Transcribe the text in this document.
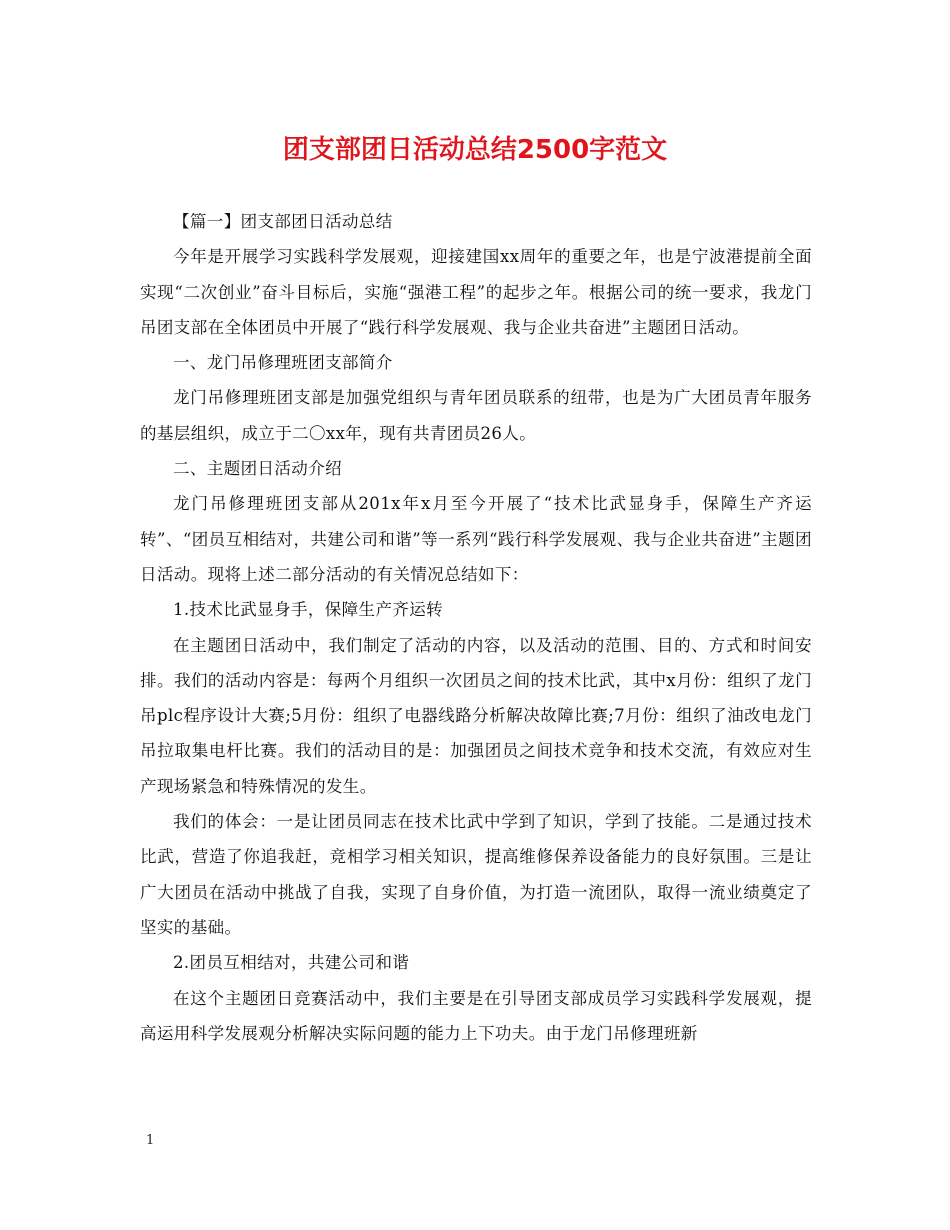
团支部团日活动总结2500字范文

【篇一】团支部团日活动总结

今年是开展学习实践科学发展观，迎接建国xx周年的重要之年，也是宁波港提前全面实现“二次创业”奋斗目标后，实施“强港工程”的起步之年。根据公司的统一要求，我龙门吊团支部在全体团员中开展了“践行科学发展观、我与企业共奋进”主题团日活动。

一、龙门吊修理班团支部简介

龙门吊修理班团支部是加强党组织与青年团员联系的纽带，也是为广大团员青年服务的基层组织，成立于二〇xx年，现有共青团员26人。

二、主题团日活动介绍

龙门吊修理班团支部从201x年x月至今开展了“技术比武显身手，保障生产齐运转”、“团员互相结对，共建公司和谐”等一系列“践行科学发展观、我与企业共奋进”主题团日活动。现将上述二部分活动的有关情况总结如下：

1.技术比武显身手，保障生产齐运转

在主题团日活动中，我们制定了活动的内容，以及活动的范围、目的、方式和时间安排。我们的活动内容是：每两个月组织一次团员之间的技术比武，其中x月份：组织了龙门吊plc程序设计大赛;5月份：组织了电器线路分析解决故障比赛;7月份：组织了油改电龙门吊拉取集电杆比赛。我们的活动目的是：加强团员之间技术竞争和技术交流，有效应对生产现场紧急和特殊情况的发生。

我们的体会：一是让团员同志在技术比武中学到了知识，学到了技能。二是通过技术比武，营造了你追我赶，竞相学习相关知识，提高维修保养设备能力的良好氛围。三是让广大团员在活动中挑战了自我，实现了自身价值，为打造一流团队，取得一流业绩奠定了坚实的基础。

2.团员互相结对，共建公司和谐

在这个主题团日竞赛活动中，我们主要是在引导团支部成员学习实践科学发展观，提高运用科学发展观分析解决实际问题的能力上下功夫。由于龙门吊修理班新

1
